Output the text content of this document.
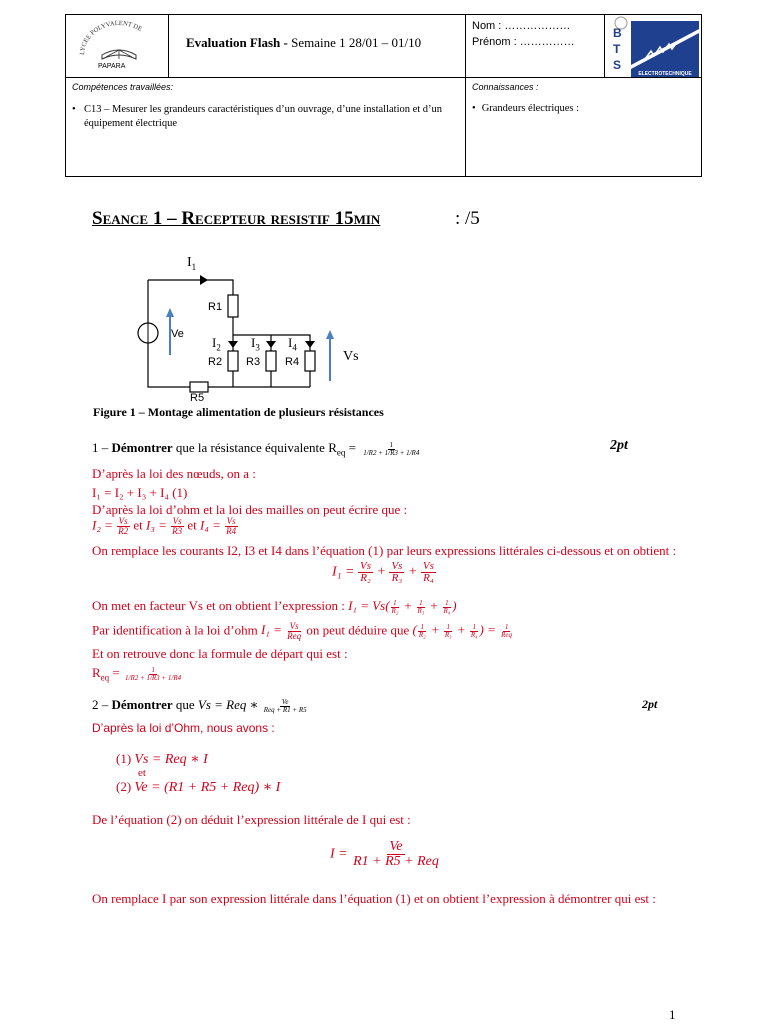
LYCEE POLYVALENT DE
PAPARA
Evaluation Flash - Semaine 1 28/01 – 01/10
Nom : ………………
Prénom : ……………
B
T
S
ELECTROTECHNIQUE
Compétences travaillées:
• C13 – Mesurer les grandeurs caractéristiques d’un ouvrage, d’une installation et d’un équipement électrique
Connaissances :
• Grandeurs électriques :
Seance 1 – Recepteur resistif 15min	: /5
$I_1$
R1
Ve
$I_2$ $I_3$ $I_4$
R2 R3 R4	Vs
R5
Figure 1 – Montage alimentation de plusieurs résistances
1 – Démontrer que la résistance équivalente $R_{eq} = \frac{1}{1/R2 + 1/R3 + 1/R4}$	2pt
D’après la loi des nœuds, on a :
I₁ = I₂ + I₃ + I₄ (1)
D’après la loi d’ohm et la loi des mailles on peut écrire que :
$I_2 = \frac{Vs}{R2}$ et $I_3 = \frac{Vs}{R3}$ et $I_4 = \frac{Vs}{R4}$
On remplace les courants I2, I3 et I4 dans l’équation (1) par leurs expressions littérales ci-dessous et on obtient :
$I_1 = \frac{Vs}{\text{R₂}} + \frac{Vs}{\text{R₃}} + \frac{Vs}{\text{R₄}}$
On met en facteur Vs et on obtient l’expression : $I_1 = Vs( \frac{1}{\text{R₂}} + \frac{1}{\text{R₃}} + \frac{1}{\text{R₄}}$ )
Par identification à la loi d’ohm $I_1 = \frac{Vs}{\text{Req}}$ on peut déduire que ( $\frac{1}{\text{R₂}} + \frac{1}{\text{R₃}} + \frac{1}{\text{R₄}}$ ) = $\frac{1}{\text{Req}}$
Et on retrouve donc la formule de départ qui est :
$R_{eq} = \frac{1}{1/R2 + 1/R3 + 1/R4}$
2 – Démontrer que Vs = Req ∗ $\frac{Ve}{\text{Req + R1 + R5}}$	2pt
D’après la loi d’Ohm, nous avons :
(1) Vs = Req ∗ I
et
(2) Ve = (R1 + R5 + Req) ∗ I
De l’équation (2) on déduit l’expression littérale de I qui est :
$I = \frac{Ve}{\text{R1 + R5 + Req}}$
On remplace I par son expression littérale dans l’équation (1) et on obtient l’expression à démontrer qui est :
1
